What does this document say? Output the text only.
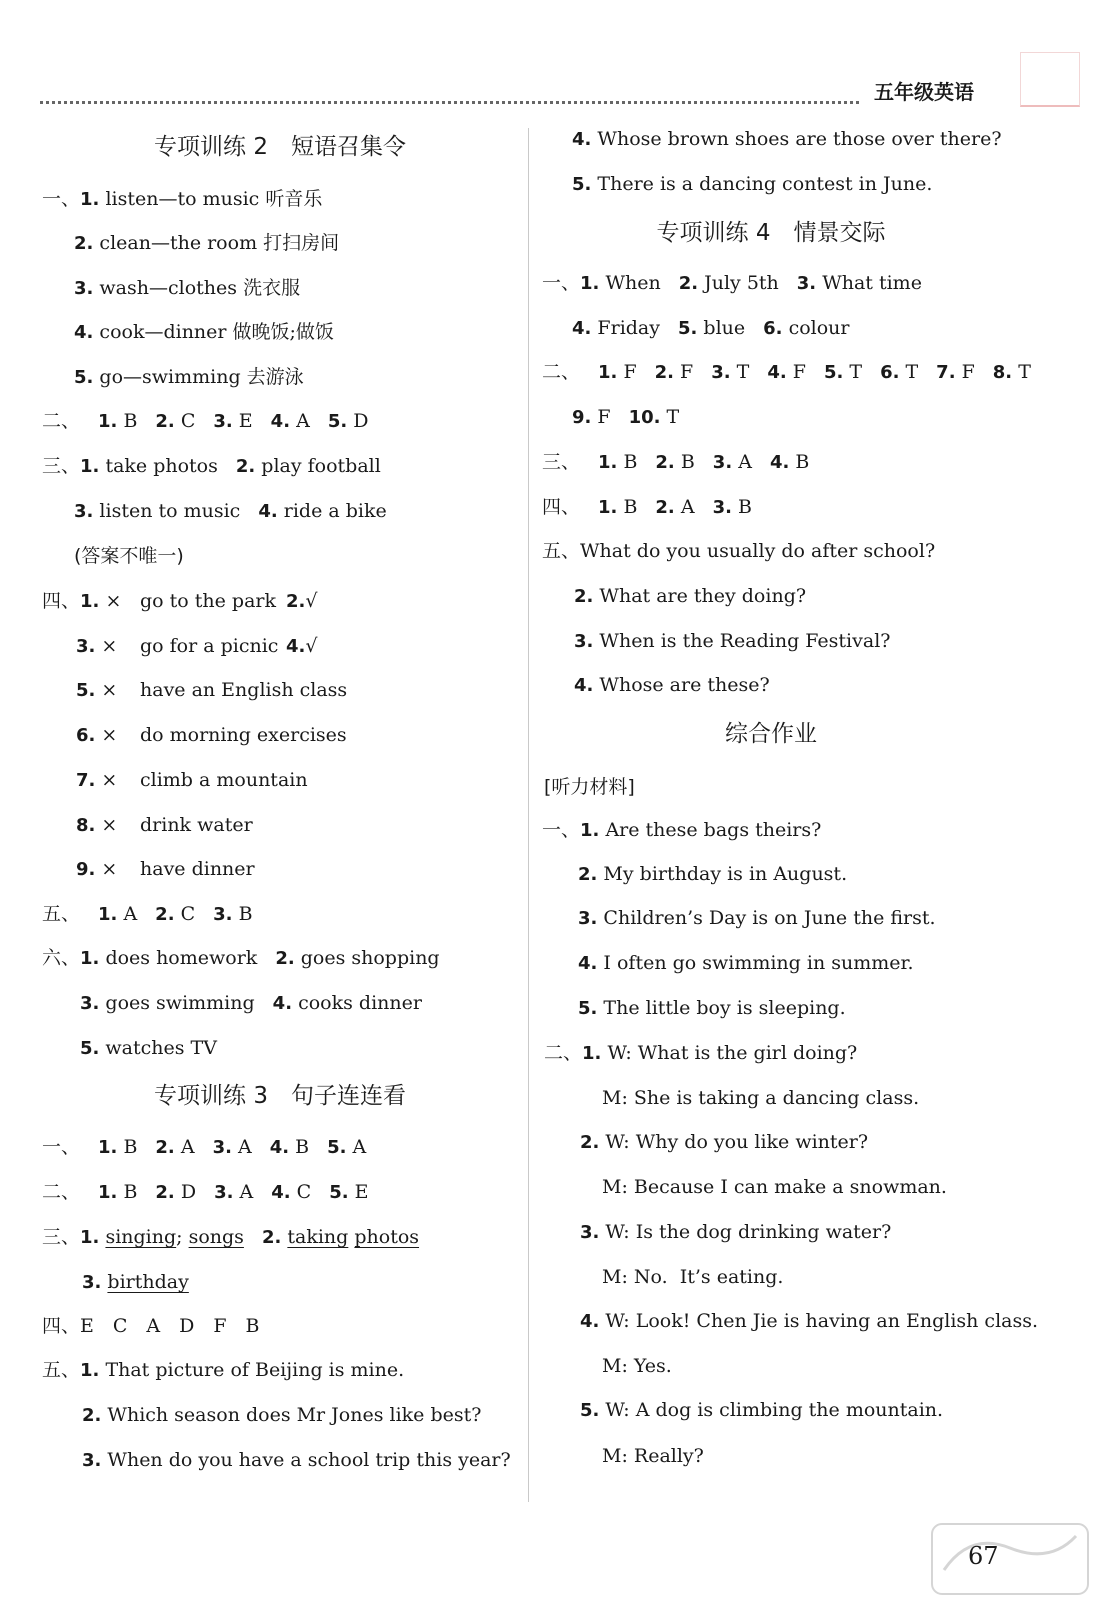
五年级英语
专项训练 2　短语召集令
一、1. listen—to music 听音乐
2. clean—the room 打扫房间
3. wash—clothes 洗衣服
4. cook—dinner 做晚饭;做饭
5. go—swimming 去游泳
二、 1. B 2. C 3. E 4. A 5. D
三、1. take photos 2. play football
3. listen to music 4. ride a bike
(答案不唯一)
四、1. × go to the park 2.√
3. × go for a picnic 4.√
5. × have an English class
6. × do morning exercises
7. × climb a mountain
8. × drink water
9. × have dinner
五、 1. A 2. C 3. B
六、1. does homework 2. goes shopping
3. goes swimming 4. cooks dinner
5. watches TV
专项训练 3　句子连连看
一、 1. B 2. A 3. A 4. B 5. A
二、 1. B 2. D 3. A 4. C 5. E
三、1. singing; songs 2. taking photos
3. birthday
四、E　C　A　D　F　B
五、1. That picture of Beijing is mine.
2. Which season does Mr Jones like best?
3. When do you have a school trip this year?
4. Whose brown shoes are those over there?
5. There is a dancing contest in June.
专项训练 4　情景交际
一、1. When 2. July 5th 3. What time
4. Friday 5. blue 6. colour
二、 1. F 2. F 3. T 4. F 5. T 6. T 7. F 8. T
9. F 10. T
三、 1. B 2. B 3. A 4. B
四、 1. B 2. A 3. B
五、What do you usually do after school?
2. What are they doing?
3. When is the Reading Festival?
4. Whose are these?
综合作业
[听力材料]
一、1. Are these bags theirs?
2. My birthday is in August.
3. Children’s Day is on June the first.
4. I often go swimming in summer.
5. The little boy is sleeping.
二、1. W: What is the girl doing?
M: She is taking a dancing class.
2. W: Why do you like winter?
M: Because I can make a snowman.
3. W: Is the dog drinking water?
M: No.  It’s eating.
4. W: Look! Chen Jie is having an English class.
M: Yes.
5. W: A dog is climbing the mountain.
M: Really?
67
